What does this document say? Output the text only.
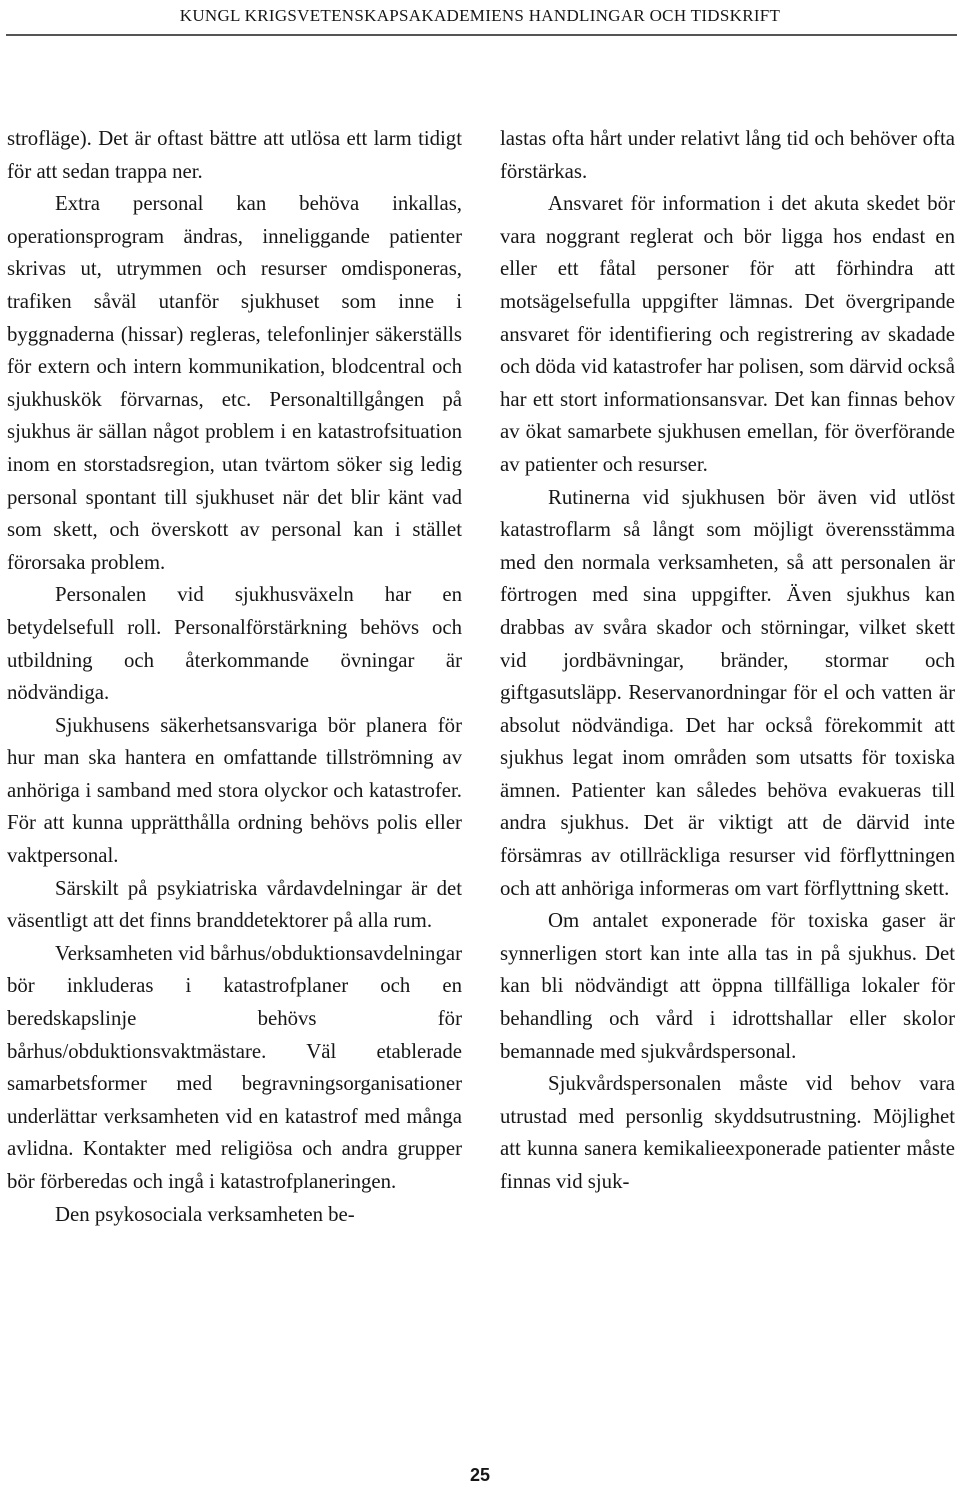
KUNGL KRIGSVETENSKAPSAKADEMIENS HANDLINGAR OCH TIDSKRIFT

strofläge). Det är oftast bättre att utlösa ett larm tidigt för att sedan trappa ner.

Extra personal kan behöva inkallas, operationsprogram ändras, inneliggande patienter skrivas ut, utrymmen och resurser omdisponeras, trafiken såväl utanför sjukhuset som inne i byggnaderna (hissar) regleras, telefonlinjer säkerställs för extern och intern kommunikation, blodcentral och sjukhuskök förvarnas, etc. Personaltillgången på sjukhus är sällan något problem i en katastrofsituation inom en storstadsregion, utan tvärtom söker sig ledig personal spontant till sjukhuset när det blir känt vad som skett, och överskott av personal kan i stället förorsaka problem.

Personalen vid sjukhusväxeln har en betydelsefull roll. Personalförstärkning behövs och utbildning och återkommande övningar är nödvändiga.

Sjukhusens säkerhetsansvariga bör planera för hur man ska hantera en omfattande tillströmning av anhöriga i samband med stora olyckor och katastrofer. För att kunna upprätthålla ordning behövs polis eller vaktpersonal.

Särskilt på psykiatriska vårdavdelningar är det väsentligt att det finns branddetektorer på alla rum.

Verksamheten vid bårhus/obduktionsavdelningar bör inkluderas i katastrofplaner och en beredskapslinje behövs för bårhus/obduktionsvaktmästare. Väl etablerade samarbetsformer med begravningsorganisationer underlättar verksamheten vid en katastrof med många avlidna. Kontakter med religiösa och andra grupper bör förberedas och ingå i katastrofplaneringen.

Den psykosociala verksamheten be-

lastas ofta hårt under relativt lång tid och behöver ofta förstärkas.

Ansvaret för information i det akuta skedet bör vara noggrant reglerat och bör ligga hos endast en eller ett fåtal personer för att förhindra att motsägelsefulla uppgifter lämnas. Det övergripande ansvaret för identifiering och registrering av skadade och döda vid katastrofer har polisen, som därvid också har ett stort informationsansvar. Det kan finnas behov av ökat samarbete sjukhusen emellan, för överförande av patienter och resurser.

Rutinerna vid sjukhusen bör även vid utlöst katastroflarm så långt som möjligt överensstämma med den normala verksamheten, så att personalen är förtrogen med sina uppgifter. Även sjukhus kan drabbas av svåra skador och störningar, vilket skett vid jordbävningar, bränder, stormar och giftgasutsläpp. Reservanordningar för el och vatten är absolut nödvändiga. Det har också förekommit att sjukhus legat inom områden som utsatts för toxiska ämnen. Patienter kan således behöva evakueras till andra sjukhus. Det är viktigt att de därvid inte försämras av otillräckliga resurser vid förflyttningen och att anhöriga informeras om vart förflyttning skett.

Om antalet exponerade för toxiska gaser är synnerligen stort kan inte alla tas in på sjukhus. Det kan bli nödvändigt att öppna tillfälliga lokaler för behandling och vård i idrottshallar eller skolor bemannade med sjukvårdspersonal.

Sjukvårdspersonalen måste vid behov vara utrustad med personlig skyddsutrustning. Möjlighet att kunna sanera kemikalieexponerade patienter måste finnas vid sjuk-

25
